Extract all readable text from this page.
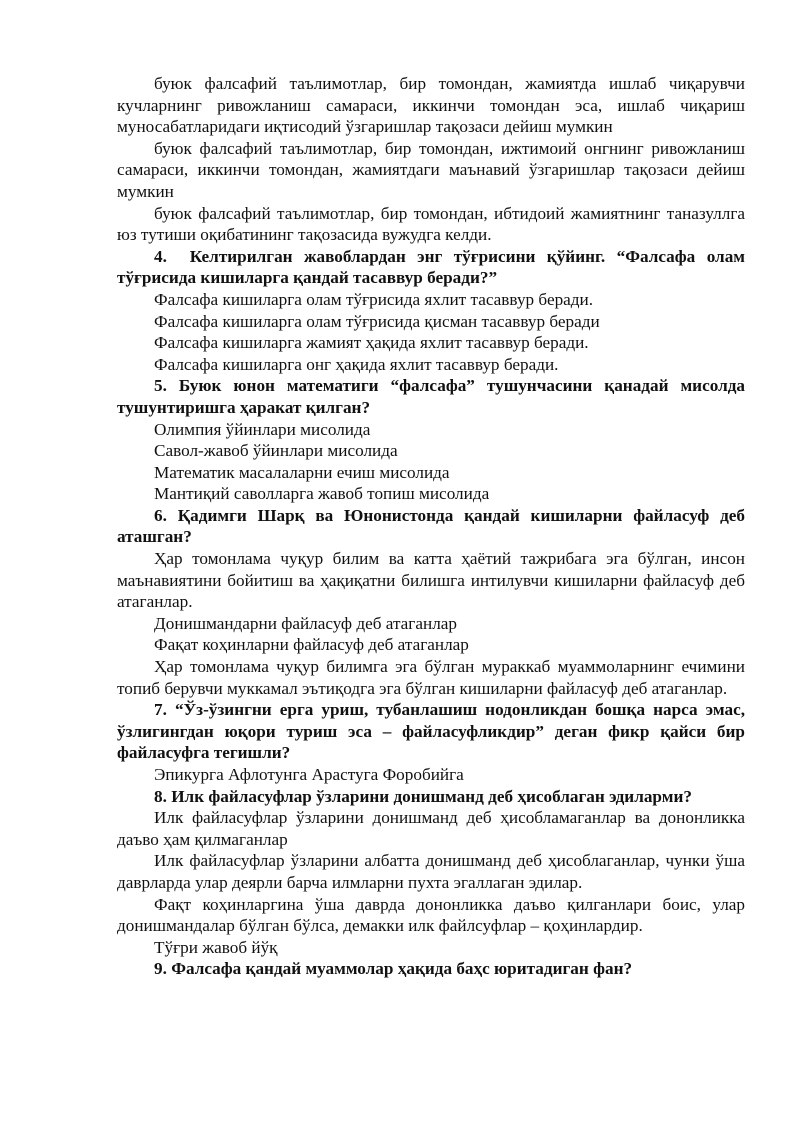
буюк фалсафий таълимотлар, бир томондан, жамиятда ишлаб чиқарувчи кучларнинг ривожланиш самараси, иккинчи томондан эса, ишлаб чиқариш муносабатларидаги иқтисодий ўзгаришлар тақозаси дейиш мумкин

буюк фалсафий таълимотлар, бир томондан, ижтимоий онгнинг ривожланиш самараси, иккинчи томондан, жамиятдаги маънавий ўзгаришлар тақозаси дейиш мумкин

буюк фалсафий таълимотлар, бир томондан, ибтидоий жамиятнинг таназуллга юз тутиши оқибатининг тақозасида вужудга келди.

4. Келтирилган жавоблардан энг тўғрисини қўйинг. “Фалсафа олам тўғрисида кишиларга қандай тасаввур беради?”

Фалсафа кишиларга олам тўғрисида яхлит тасаввур беради.

Фалсафа кишиларга олам тўғрисида қисман тасаввур беради

Фалсафа кишиларга жамият ҳақида яхлит тасаввур беради.

Фалсафа кишиларга онг ҳақида яхлит тасаввур беради.

5. Буюк юнон математиги “фалсафа” тушунчасини қанадай мисолда тушунтиришга ҳаракат қилган?

Олимпия ўйинлари мисолида

Савол-жавоб ўйинлари мисолида

Математик масалаларни ечиш мисолида

Мантиқий саволларга жавоб топиш мисолида

6. Қадимги Шарқ ва Юнонистонда қандай кишиларни файласуф деб аташган?

Ҳар томонлама чуқур билим ва катта ҳаётий тажрибага эга бўлган, инсон маънавиятини бойитиш ва ҳақиқатни билишга интилувчи кишиларни файласуф деб атаганлар.

Донишмандарни файласуф деб атаганлар

Фақат коҳинларни файласуф деб атаганлар

Ҳар томонлама чуқур билимга эга бўлган мураккаб муаммоларнинг ечимини топиб берувчи муккамал эътиқодга эга бўлган кишиларни файласуф деб атаганлар.

7. “Ўз-ўзингни ерга уриш, тубанлашиш нодонликдан бошқа нарса эмас, ўзлигингдан юқори туриш эса – файласуфликдир” деган фикр қайси бир файласуфга тегишли?

Эпикурга Афлотунга Арастуга Форобийга

8. Илк файласуфлар ўзларини донишманд деб ҳисоблаган эдиларми?

Илк файласуфлар ўзларини донишманд деб ҳисобламаганлар ва дононликка даъво ҳам қилмаганлар

Илк файласуфлар ўзларини албатта донишманд деб ҳисоблаганлар, чунки ўша даврларда улар деярли барча илмларни пухта эгаллаган эдилар.

Фақт коҳинларгина ўша даврда дононликка даъво қилганлари боис, улар донишмандалар бўлган бўлса, демакки илк файлсуфлар – қоҳинлардир.

Тўғри жавоб йўқ

9. Фалсафа қандай муаммолар ҳақида баҳс юритадиган фан?
